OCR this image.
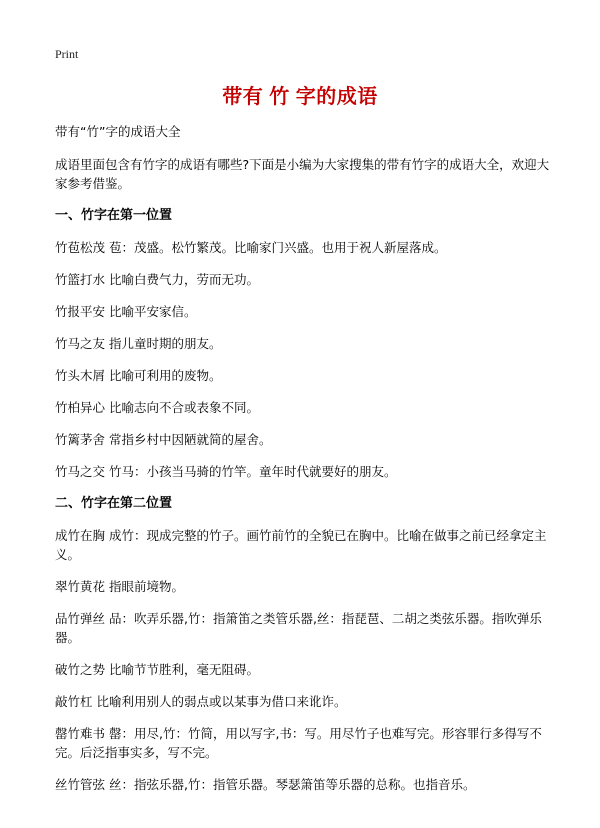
Print
带有 竹 字的成语
带有“竹”字的成语大全
成语里面包含有竹字的成语有哪些?下面是小编为大家搜集的带有竹字的成语大全，欢迎大家参考借鉴。
一、竹字在第一位置
竹苞松茂 苞：茂盛。松竹繁茂。比喻家门兴盛。也用于祝人新屋落成。
竹篮打水 比喻白费气力，劳而无功。
竹报平安 比喻平安家信。
竹马之友 指儿童时期的朋友。
竹头木屑 比喻可利用的废物。
竹柏异心 比喻志向不合或表象不同。
竹篱茅舍 常指乡村中因陋就简的屋舍。
竹马之交 竹马：小孩当马骑的竹竿。童年时代就要好的朋友。
二、竹字在第二位置
成竹在胸 成竹：现成完整的竹子。画竹前竹的全貌已在胸中。比喻在做事之前已经拿定主义。
翠竹黄花 指眼前境物。
品竹弹丝 品：吹弄乐器,竹：指箫笛之类管乐器,丝：指琵琶、二胡之类弦乐器。指吹弹乐器。
破竹之势 比喻节节胜利，毫无阻碍。
敲竹杠 比喻利用别人的弱点或以某事为借口来讹诈。
罄竹难书 罄：用尽,竹：竹简，用以写字,书：写。用尽竹子也难写完。形容罪行多得写不完。后泛指事实多，写不完。
丝竹管弦 丝：指弦乐器,竹：指管乐器。琴瑟箫笛等乐器的总称。也指音乐。
